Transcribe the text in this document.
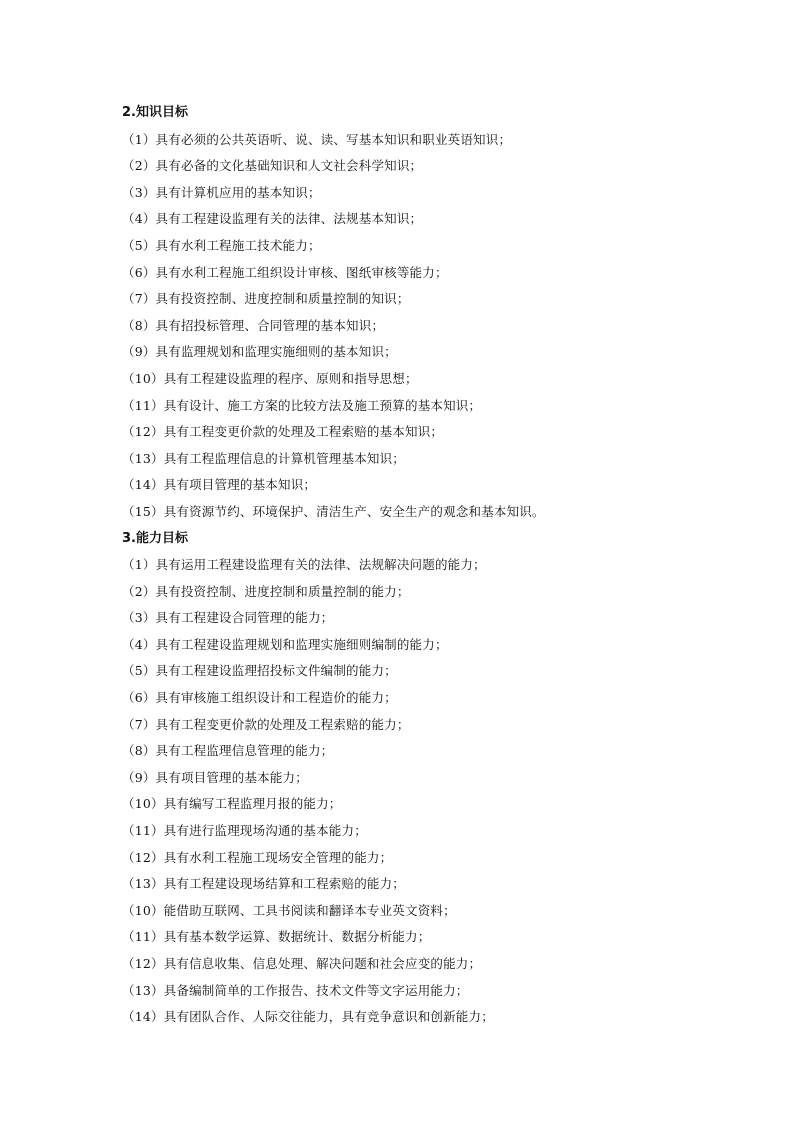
2.知识目标
（1）具有必须的公共英语听、说、读、写基本知识和职业英语知识；
（2）具有必备的文化基础知识和人文社会科学知识；
（3）具有计算机应用的基本知识；
（4）具有工程建设监理有关的法律、法规基本知识；
（5）具有水利工程施工技术能力；
（6）具有水利工程施工组织设计审核、图纸审核等能力；
（7）具有投资控制、进度控制和质量控制的知识；
（8）具有招投标管理、合同管理的基本知识；
（9）具有监理规划和监理实施细则的基本知识；
（10）具有工程建设监理的程序、原则和指导思想；
（11）具有设计、施工方案的比较方法及施工预算的基本知识；
（12）具有工程变更价款的处理及工程索赔的基本知识；
（13）具有工程监理信息的计算机管理基本知识；
（14）具有项目管理的基本知识；
（15）具有资源节约、环境保护、清洁生产、安全生产的观念和基本知识。
3.能力目标
（1）具有运用工程建设监理有关的法律、法规解决问题的能力；
（2）具有投资控制、进度控制和质量控制的能力；
（3）具有工程建设合同管理的能力；
（4）具有工程建设监理规划和监理实施细则编制的能力；
（5）具有工程建设监理招投标文件编制的能力；
（6）具有审核施工组织设计和工程造价的能力；
（7）具有工程变更价款的处理及工程索赔的能力；
（8）具有工程监理信息管理的能力；
（9）具有项目管理的基本能力；
（10）具有编写工程监理月报的能力；
（11）具有进行监理现场沟通的基本能力；
（12）具有水利工程施工现场安全管理的能力；
（13）具有工程建设现场结算和工程索赔的能力；
（10）能借助互联网、工具书阅读和翻译本专业英文资料；
（11）具有基本数学运算、数据统计、数据分析能力；
（12）具有信息收集、信息处理、解决问题和社会应变的能力；
（13）具备编制简单的工作报告、技术文件等文字运用能力；
（14）具有团队合作、人际交往能力，具有竞争意识和创新能力；
